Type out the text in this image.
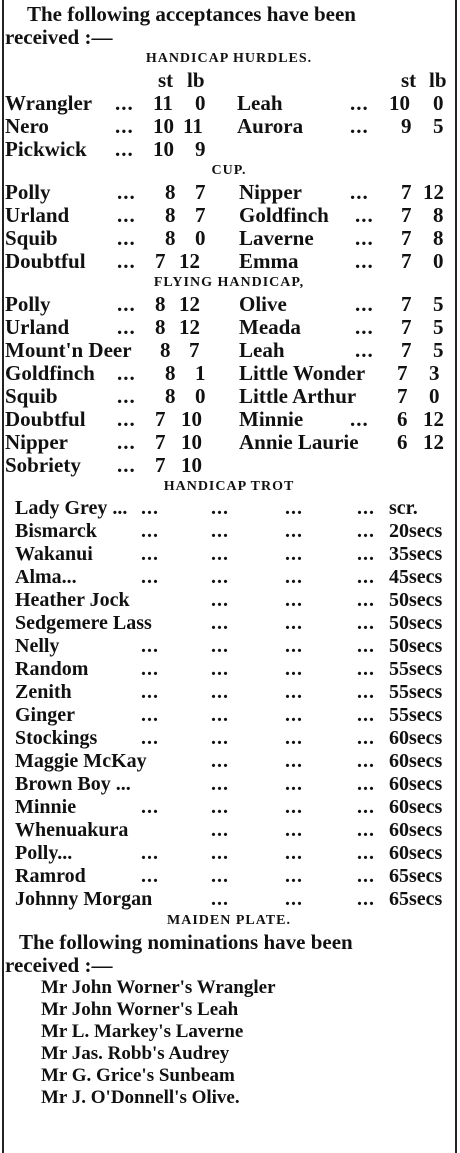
The following acceptances have been
received :—
HANDICAP HURDLES.
st lb	st lb
Wrangler ... 11 0 Leah	... 10 0
Nero	... 10 11 Aurora ... 9 5
Pickwick ... 10 9
CUP.
Polly	... 8 7 Nipper ... 7 12
Urland ... 8 7 Goldfinch ... 7 8
Squib	... 8 0 Laverne ... 7 8
Doubtful ... 7 12 Emma	... 7 0
FLYING HANDICAP,
Polly	... 8 12 Olive	... 7 5
Urland ... 8 12 Meada	... 7 5
Mount'n Deer 8 7 Leah	... 7 5
Goldfinch ... 8 1 Little Wonder 7 3
Squib	... 8 0 Little Arthur 7 0
Doubtful ... 7 10 Minnie ... 6 12
Nipper ... 7 10 Annie Laurie 6 12
Sobriety ... 7 10
HANDICAP TROT
Lady Grey ... ...	...	...	... scr.
Bismarck ...	...	...	... 20secs
Wakanui ...	...	...	... 35secs
Alma...	...	...	...	... 45secs
Heather Jock	...	...	... 50secs
Sedgemere Lass	...	...	... 50secs
Nelly	...	...	...	... 50secs
Random	...	...	...	... 55secs
Zenith	...	...	...	... 55secs
Ginger	...	...	...	... 55secs
Stockings ...	...	...	... 60secs
Maggie McKay	...	...	... 60secs
Brown Boy ...	...	...	... 60secs
Minnie	...	...	...	... 60secs
Whenuakura	...	...	... 60secs
Polly...	...	...	...	... 60secs
Ramrod	...	...	...	... 65secs
Johnny Morgan	...	...	... 65secs
MAIDEN PLATE.
The following nominations have been
received :—
Mr John Worner's Wrangler
Mr John Worner's Leah
Mr L. Markey's Laverne
Mr Jas. Robb's Audrey
Mr G. Grice's Sunbeam
Mr J. O'Donnell's Olive.
